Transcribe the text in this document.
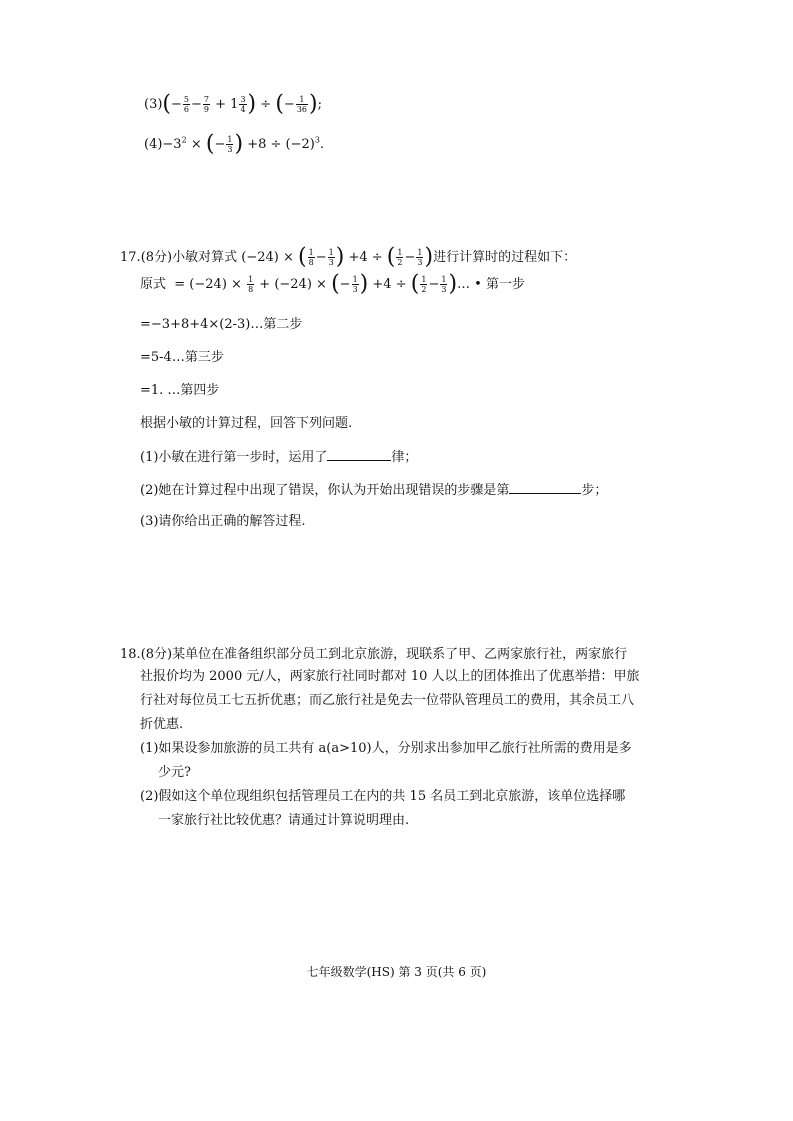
$(3)(- \frac{5}{6} - \frac{7}{9} + 1 \frac{3}{4}$ ) ÷ (− $\frac{1}{36}$ );
$(4)-3^2$ × (− $\frac{1}{3}$ ) $+8 \div (-2)^3$.
17.(8分)小敏对算式 (−24) × ( $\frac{1}{8} - \frac{1}{3}$ ) +4 ÷ ( $\frac{1}{2} - \frac{1}{3}$ )进行计算时的过程如下：
原式 = $(-24) \times \frac{1}{8} + (-24)$ × (− $\frac{1}{3}$ ) +4 ÷ ( $\frac{1}{2} - \frac{1}{3}$ )… • 第一步
=−3+8+4×(2-3)…第二步
=5-4…第三步
=1. …第四步
根据小敏的计算过程，回答下列问题.
(1)小敏在进行第一步时，运用了	律；
(2)她在计算过程中出现了错误，你认为开始出现错误的步骤是第	步；
(3)请你给出正确的解答过程.
18.(8分)某单位在准备组织部分员工到北京旅游，现联系了甲、乙两家旅行社，两家旅行
社报价均为 2000 元/人，两家旅行社同时都对 10 人以上的团体推出了优惠举措：甲旅
行社对每位员工七五折优惠；而乙旅行社是免去一位带队管理员工的费用，其余员工八
折优惠.
(1)如果设参加旅游的员工共有 a(a>10)人，分别求出参加甲乙旅行社所需的费用是多
少元?
(2)假如这个单位现组织包括管理员工在内的共 15 名员工到北京旅游，该单位选择哪
一家旅行社比较优惠？请通过计算说明理由.
七年级数学(HS) 第 3 页(共 6 页)
